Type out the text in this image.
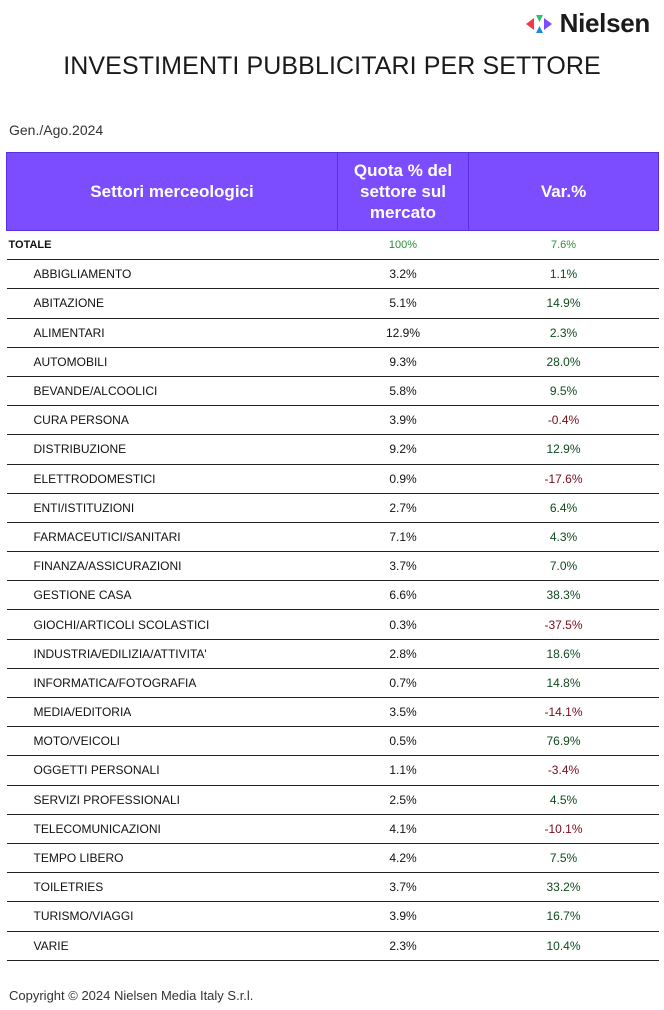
Nielsen
INVESTIMENTI PUBBLICITARI PER SETTORE
Gen./Ago.2024
Settori merceologici	Quota % del settore sul mercato	Var.%
TOTALE	100%	7.6%
ABBIGLIAMENTO	3.2%	1.1%
ABITAZIONE	5.1%	14.9%
ALIMENTARI	12.9%	2.3%
AUTOMOBILI	9.3%	28.0%
BEVANDE/ALCOOLICI	5.8%	9.5%
CURA PERSONA	3.9%	-0.4%
DISTRIBUZIONE	9.2%	12.9%
ELETTRODOMESTICI	0.9%	-17.6%
ENTI/ISTITUZIONI	2.7%	6.4%
FARMACEUTICI/SANITARI	7.1%	4.3%
FINANZA/ASSICURAZIONI	3.7%	7.0%
GESTIONE CASA	6.6%	38.3%
GIOCHI/ARTICOLI SCOLASTICI	0.3%	-37.5%
INDUSTRIA/EDILIZIA/ATTIVITA'	2.8%	18.6%
INFORMATICA/FOTOGRAFIA	0.7%	14.8%
MEDIA/EDITORIA	3.5%	-14.1%
MOTO/VEICOLI	0.5%	76.9%
OGGETTI PERSONALI	1.1%	-3.4%
SERVIZI PROFESSIONALI	2.5%	4.5%
TELECOMUNICAZIONI	4.1%	-10.1%
TEMPO LIBERO	4.2%	7.5%
TOILETRIES	3.7%	33.2%
TURISMO/VIAGGI	3.9%	16.7%
VARIE	2.3%	10.4%
Copyright © 2024 Nielsen Media Italy S.r.l.
